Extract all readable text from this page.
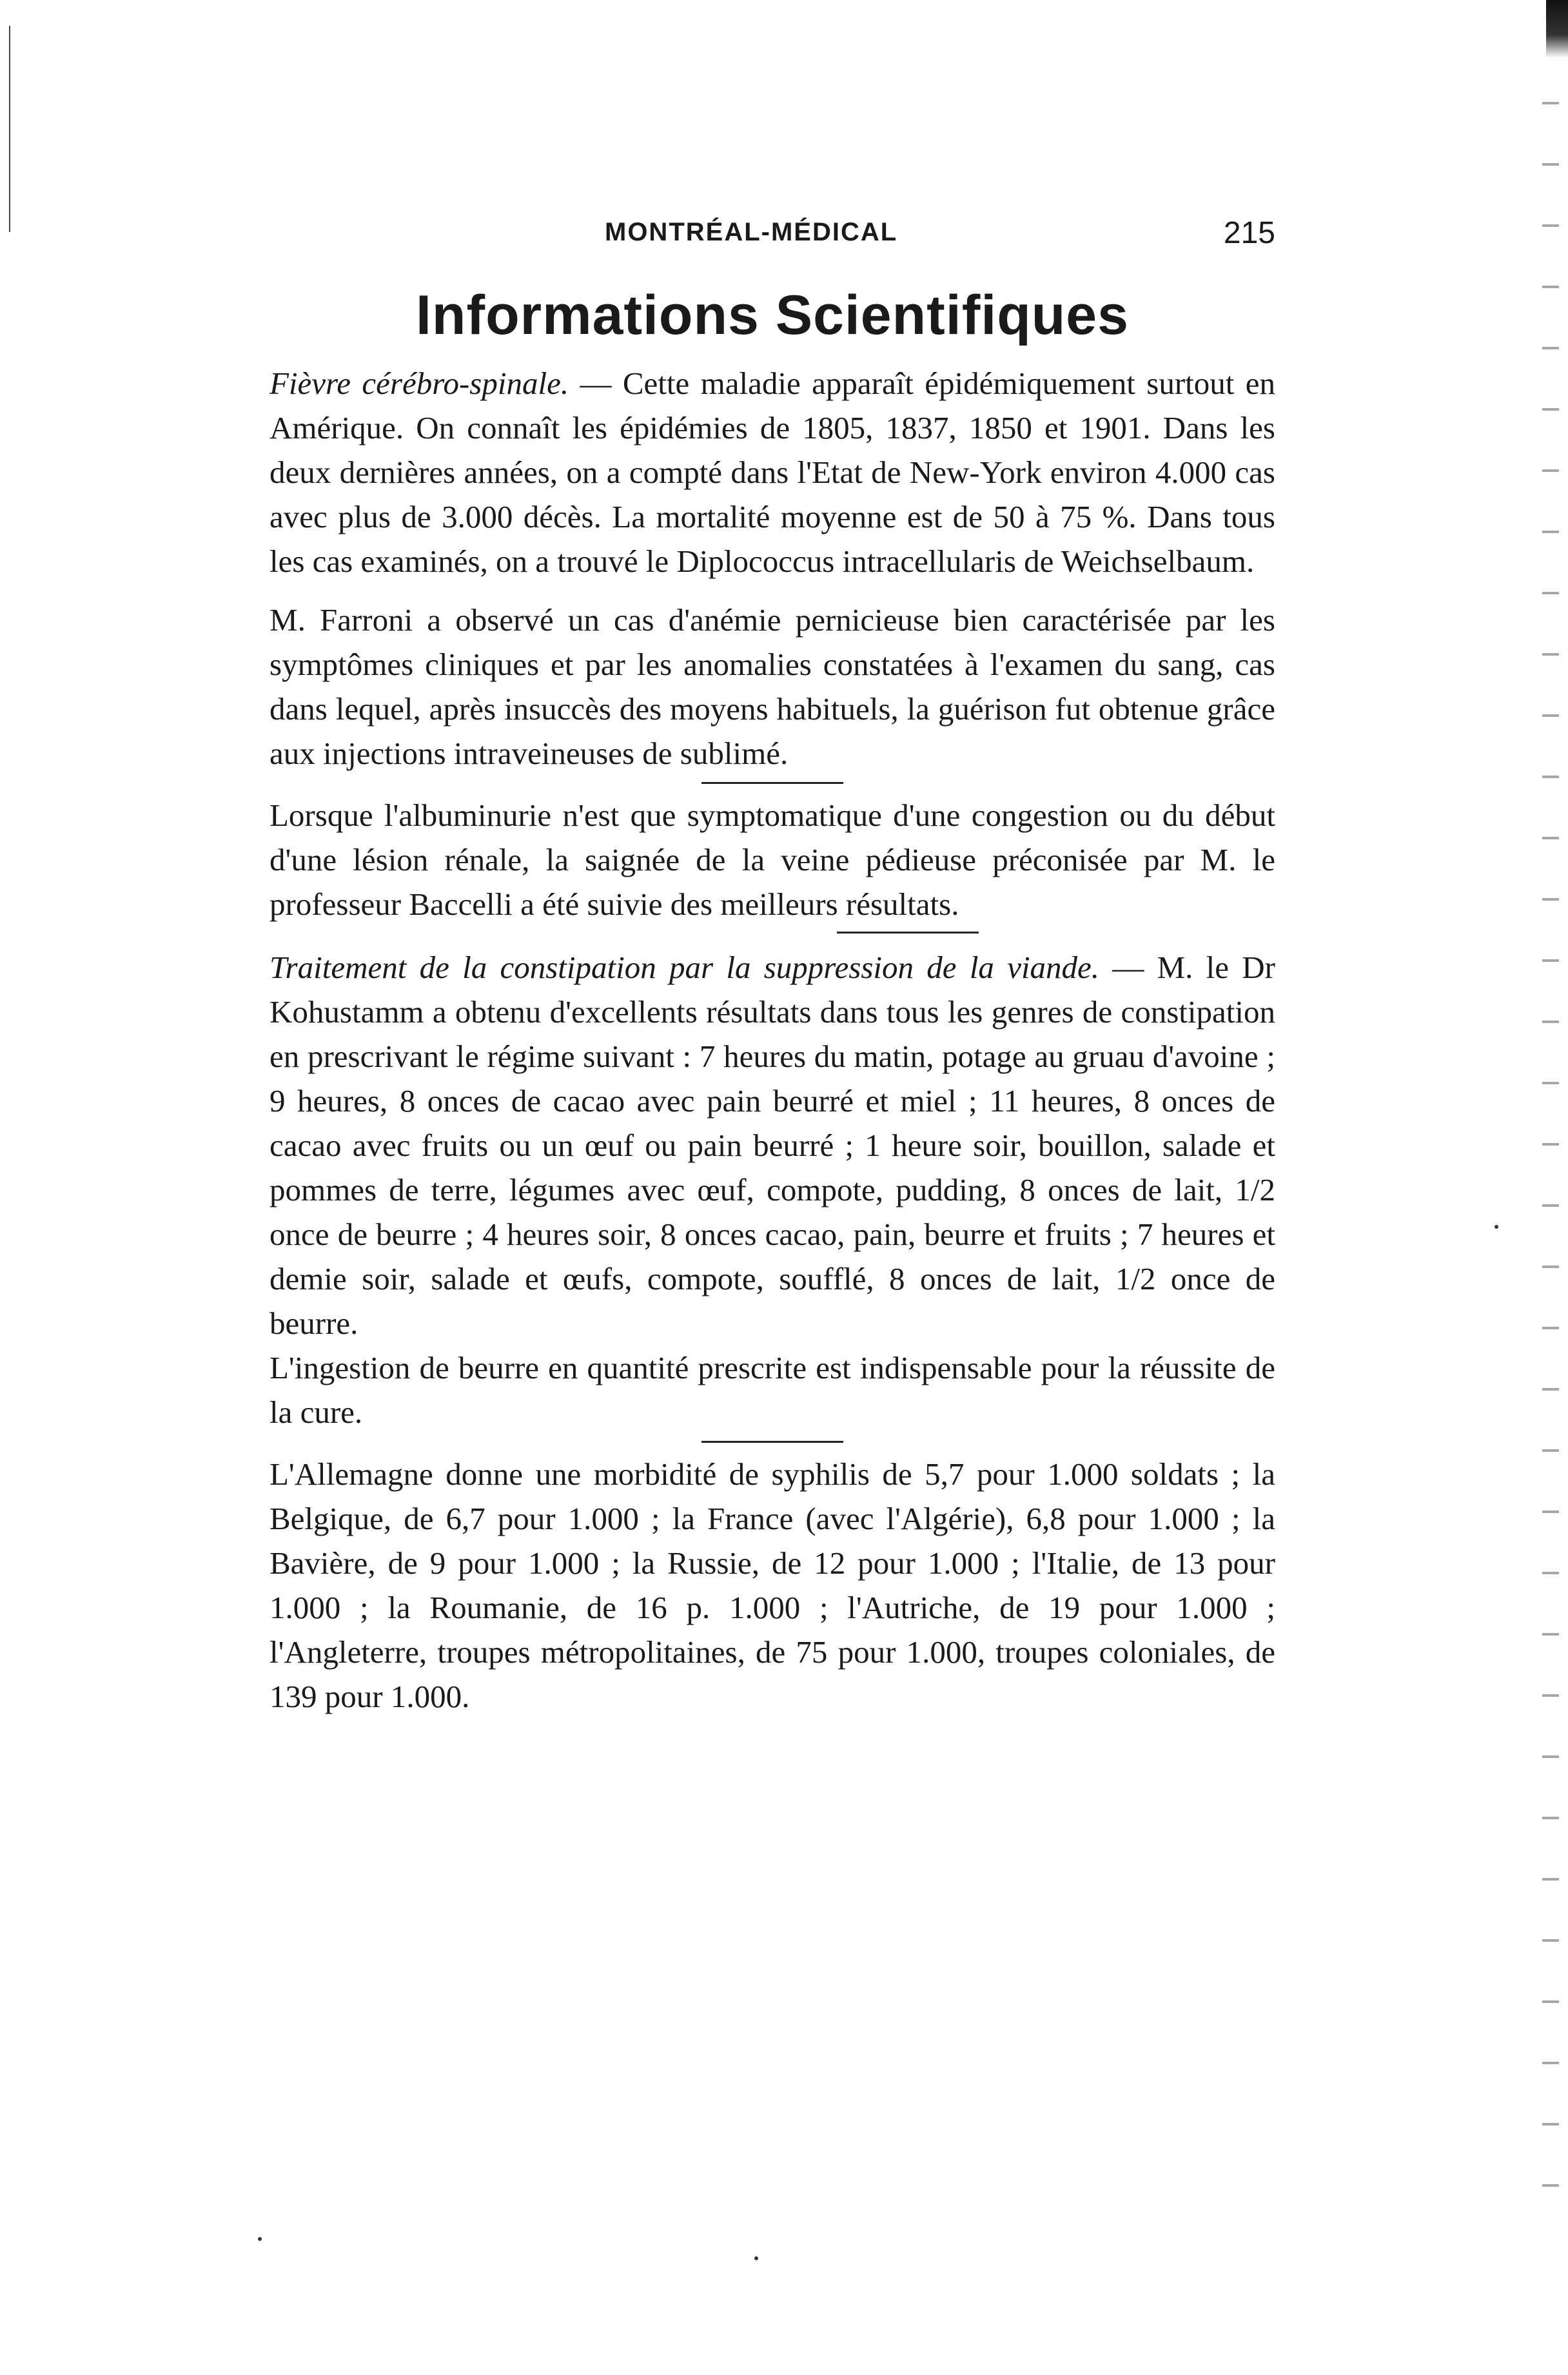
MONTRÉAL-MÉDICAL	215
Informations Scientifiques

Fièvre cérébro-spinale. — Cette maladie apparaît épidémiquement surtout en Amérique. On connaît les épidémies de 1805, 1837, 1850 et 1901. Dans les deux dernières années, on a compté dans l'Etat de New-York environ 4.000 cas avec plus de 3.000 décès. La mortalité moyenne est de 50 à 75 %. Dans tous les cas examinés, on a trouvé le Diplococcus intracellularis de Weichselbaum.

M. Farroni a observé un cas d'anémie pernicieuse bien caractérisée par les symptômes cliniques et par les anomalies constatées à l'examen du sang, cas dans lequel, après insuccès des moyens habituels, la guérison fut obtenue grâce aux injections intraveineuses de sublimé.

Lorsque l'albuminurie n'est que symptomatique d'une congestion ou du début d'une lésion rénale, la saignée de la veine pédieuse préconisée par M. le professeur Baccelli a été suivie des meilleurs résultats.

Traitement de la constipation par la suppression de la viande. — M. le Dr Kohustamm a obtenu d'excellents résultats dans tous les genres de constipation en prescrivant le régime suivant : 7 heures du matin, potage au gruau d'avoine ; 9 heures, 8 onces de cacao avec pain beurré et miel ; 11 heures, 8 onces de cacao avec fruits ou un œuf ou pain beurré ; 1 heure soir, bouillon, salade et pommes de terre, légumes avec œuf, compote, pudding, 8 onces de lait, 1/2 once de beurre ; 4 heures soir, 8 onces cacao, pain, beurre et fruits ; 7 heures et demie soir, salade et œufs, compote, soufflé, 8 onces de lait, 1/2 once de beurre.

L'ingestion de beurre en quantité prescrite est indispensable pour la réussite de la cure.

L'Allemagne donne une morbidité de syphilis de 5,7 pour 1.000 soldats ; la Belgique, de 6,7 pour 1.000 ; la France (avec l'Algérie), 6,8 pour 1.000 ; la Bavière, de 9 pour 1.000 ; la Russie, de 12 pour 1.000 ; l'Italie, de 13 pour 1.000 ; la Roumanie, de 16 p. 1.000 ; l'Autriche, de 19 pour 1.000 ; l'Angleterre, troupes métropolitaines, de 75 pour 1.000, troupes coloniales, de 139 pour 1.000.
